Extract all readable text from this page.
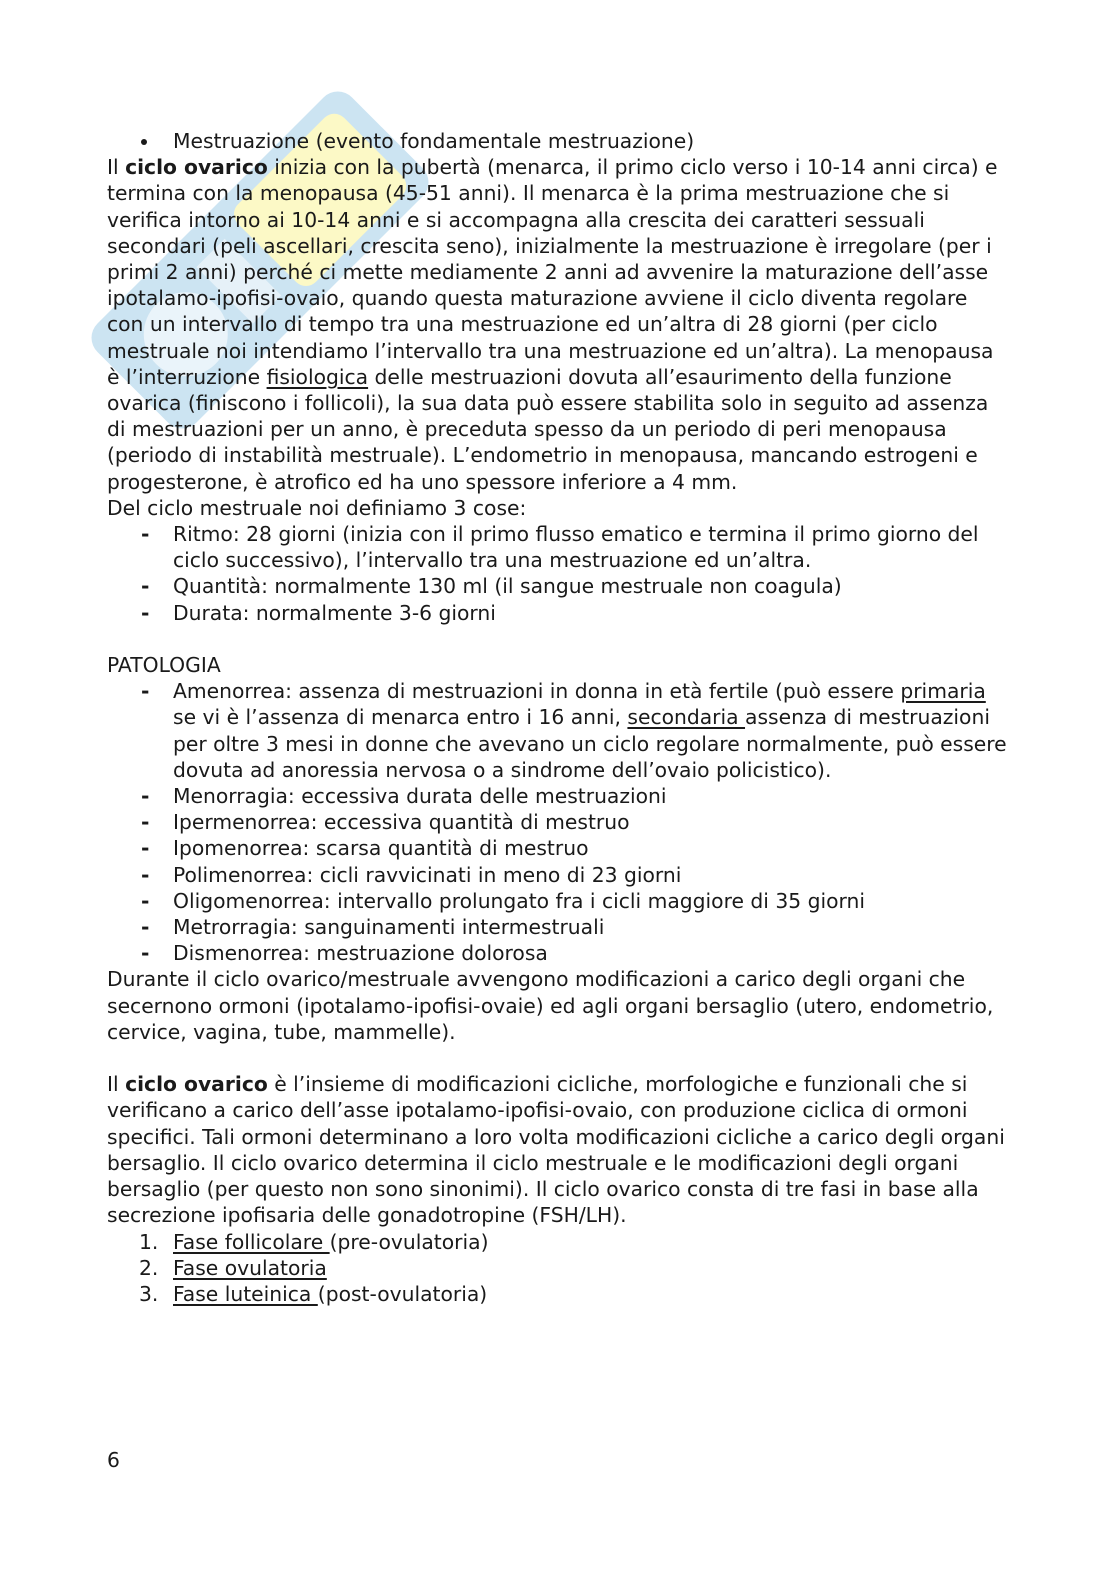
Mestruazione (evento fondamentale mestruazione)

Il ciclo ovarico inizia con la pubertà (menarca, il primo ciclo verso i 10-14 anni circa) e termina con la menopausa (45-51 anni). Il menarca è la prima mestruazione che si verifica intorno ai 10-14 anni e si accompagna alla crescita dei caratteri sessuali secondari (peli ascellari, crescita seno), inizialmente la mestruazione è irregolare (per i primi 2 anni) perché ci mette mediamente 2 anni ad avvenire la maturazione dell’asse ipotalamo-ipofisi-ovaio, quando questa maturazione avviene il ciclo diventa regolare con un intervallo di tempo tra una mestruazione ed un’altra di 28 giorni (per ciclo mestruale noi intendiamo l’intervallo tra una mestruazione ed un’altra). La menopausa è l’interruzione fisiologica delle mestruazioni dovuta all’esaurimento della funzione ovarica (finiscono i follicoli), la sua data può essere stabilita solo in seguito ad assenza di mestruazioni per un anno, è preceduta spesso da un periodo di peri menopausa (periodo di instabilità mestruale). L’endometrio in menopausa, mancando estrogeni e progesterone, è atrofico ed ha uno spessore inferiore a 4 mm.

Del ciclo mestruale noi definiamo 3 cose:

- Ritmo: 28 giorni (inizia con il primo flusso ematico e termina il primo giorno del ciclo successivo), l’intervallo tra una mestruazione ed un’altra.
- Quantità: normalmente 130 ml (il sangue mestruale non coagula)
- Durata: normalmente 3-6 giorni

PATOLOGIA

- Amenorrea: assenza di mestruazioni in donna in età fertile (può essere primaria se vi è l’assenza di menarca entro i 16 anni, secondaria assenza di mestruazioni per oltre 3 mesi in donne che avevano un ciclo regolare normalmente, può essere dovuta ad anoressia nervosa o a sindrome dell’ovaio policistico).
- Menorragia: eccessiva durata delle mestruazioni
- Ipermenorrea: eccessiva quantità di mestruo
- Ipomenorrea: scarsa quantità di mestruo
- Polimenorrea: cicli ravvicinati in meno di 23 giorni
- Oligomenorrea: intervallo prolungato fra i cicli maggiore di 35 giorni
- Metrorragia: sanguinamenti intermestruali
- Dismenorrea: mestruazione dolorosa

Durante il ciclo ovarico/mestruale avvengono modificazioni a carico degli organi che secernono ormoni (ipotalamo-ipofisi-ovaie) ed agli organi bersaglio (utero, endometrio, cervice, vagina, tube, mammelle).

Il ciclo ovarico è l’insieme di modificazioni cicliche, morfologiche e funzionali che si verificano a carico dell’asse ipotalamo-ipofisi-ovaio, con produzione ciclica di ormoni specifici. Tali ormoni determinano a loro volta modificazioni cicliche a carico degli organi bersaglio. Il ciclo ovarico determina il ciclo mestruale e le modificazioni degli organi bersaglio (per questo non sono sinonimi). Il ciclo ovarico consta di tre fasi in base alla secrezione ipofisaria delle gonadotropine (FSH/LH).

1. Fase follicolare (pre-ovulatoria)
2. Fase ovulatoria
3. Fase luteinica (post-ovulatoria)
6
